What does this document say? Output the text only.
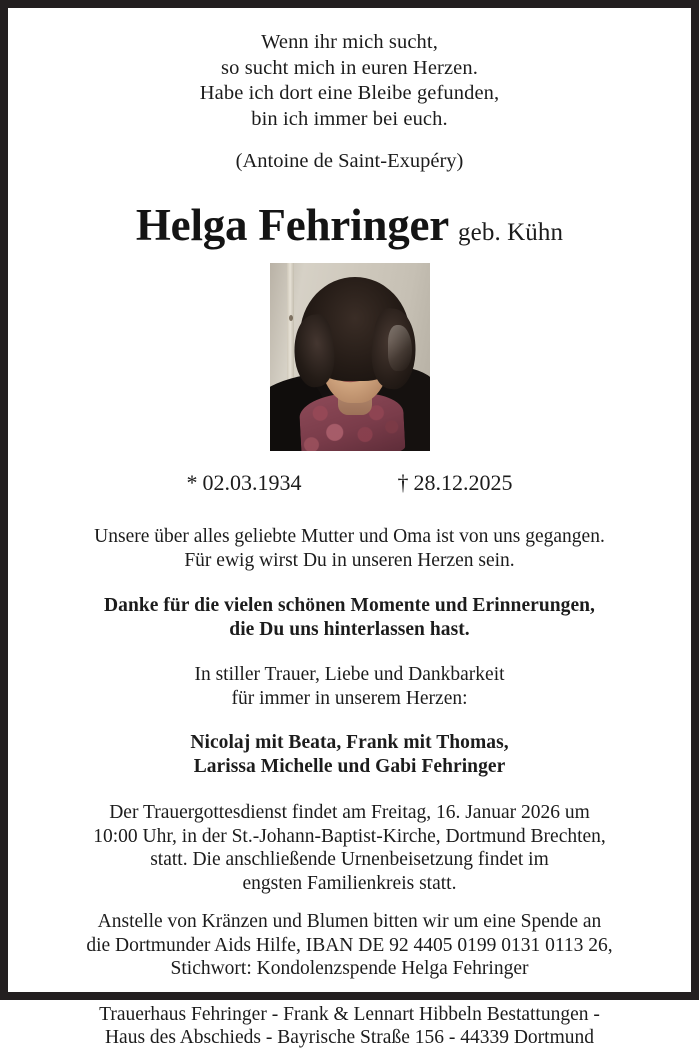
Wenn ihr mich sucht,
so sucht mich in euren Herzen.
Habe ich dort eine Bleibe gefunden,
bin ich immer bei euch.
(Antoine de Saint-Exupéry)
Helga Fehringer geb. Kühn
* 02.03.1934	† 28.12.2025
Unsere über alles geliebte Mutter und Oma ist von uns gegangen.
Für ewig wirst Du in unseren Herzen sein.
Danke für die vielen schönen Momente und Erinnerungen,
die Du uns hinterlassen hast.
In stiller Trauer, Liebe und Dankbarkeit
für immer in unserem Herzen:
Nicolaj mit Beata, Frank mit Thomas,
Larissa Michelle und Gabi Fehringer
Der Trauergottesdienst findet am Freitag, 16. Januar 2026 um
10:00 Uhr, in der St.-Johann-Baptist-Kirche, Dortmund Brechten,
statt. Die anschließende Urnenbeisetzung findet im
engsten Familienkreis statt.
Anstelle von Kränzen und Blumen bitten wir um eine Spende an
die Dortmunder Aids Hilfe, IBAN DE 92 4405 0199 0131 0113 26,
Stichwort: Kondolenzspende Helga Fehringer
Trauerhaus Fehringer - Frank & Lennart Hibbeln Bestattungen -
Haus des Abschieds - Bayrische Straße 156 - 44339 Dortmund
